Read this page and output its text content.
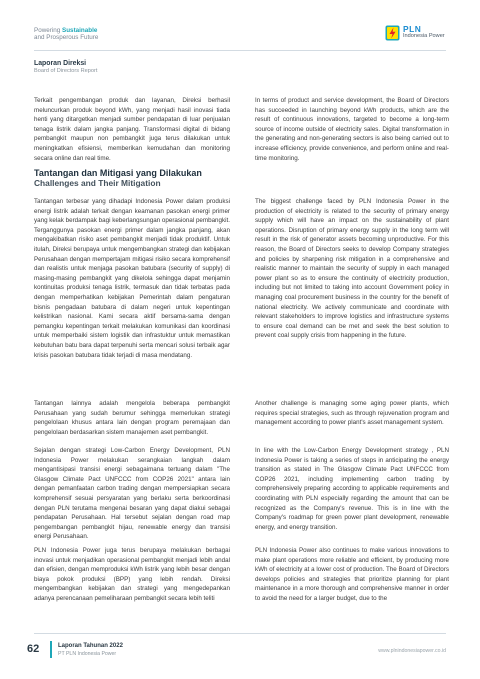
Powering Sustainable
and Prosperous Future
PLN
Indonesia Power
Laporan Direksi
Board of Directors Report
Terkait pengembangan produk dan layanan, Direksi berhasil meluncurkan produk beyond kWh, yang menjadi hasil inovasi tiada henti yang ditargetkan menjadi sumber pendapatan di luar penjualan tenaga listrik dalam jangka panjang. Transformasi digital di bidang pembangkit maupun non pembangkit juga terus dilakukan untuk meningkatkan efisiensi, memberikan kemudahan dan monitoring secara online dan real time.
In terms of product and service development, the Board of Directors has succeeded in launching beyond kWh products, which are the result of continuous innovations, targeted to become a long-term source of income outside of electricity sales. Digital transformation in the generating and non-generating sectors is also being carried out to increase efficiency, provide convenience, and perform online and real-time monitoring.
Tantangan dan Mitigasi yang Dilakukan
Challenges and Their Mitigation
Tantangan terbesar yang dihadapi Indonesia Power dalam produksi energi listrik adalah terkait dengan keamanan pasokan energi primer yang kelak berdampak bagi keberlangsungan operasional pembangkit. Terganggunya pasokan energi primer dalam jangka panjang, akan mengakibatkan risiko aset pembangkit menjadi tidak produktif. Untuk itulah, Direksi berupaya untuk mengembangkan strategi dan kebijakan Perusahaan dengan mempertajam mitigasi risiko secara komprehensif dan realistis untuk menjaga pasokan batubara (security of supply) di masing-masing pembangkit yang dikelola sehingga dapat menjamin kontinuitas produksi tenaga listrik, termasuk dan tidak terbatas pada dengan memperhatikan kebijakan Pemerintah dalam pengaturan bisnis pengadaan batubara di dalam negeri untuk kepentingan kelistrikan nasional. Kami secara aktif bersama-sama dengan pemangku kepentingan terkait melakukan komunikasi dan koordinasi untuk memperbaiki sistem logistik dan infrastuktur untuk memastikan kebutuhan batu bara dapat terpenuhi serta mencari solusi terbaik agar krisis pasokan batubara tidak terjadi di masa mendatang.
The biggest challenge faced by PLN Indonesia Power in the production of electricity is related to the security of primary energy supply which will have an impact on the sustainability of plant operations. Disruption of primary energy supply in the long term will result in the risk of generator assets becoming unproductive. For this reason, the Board of Directors seeks to develop Company strategies and policies by sharpening risk mitigation in a comprehensive and realistic manner to maintain the security of supply in each managed power plant so as to ensure the continuity of electricity production, including but not limited to taking into account Government policy in managing coal procurement business in the country for the benefit of national electricity. We actively communicate and coordinate with relevant stakeholders to improve logistics and infrastructure systems to ensure coal demand can be met and seek the best solution to prevent coal supply crisis from happening in the future.
Tantangan lainnya adalah mengelola beberapa pembangkit Perusahaan yang sudah berumur sehingga memerlukan strategi pengelolaan khusus antara lain dengan program peremajaan dan pengelolaan berdasarkan sistem manajemen aset pembangkit.
Another challenge is managing some aging power plants, which requires special strategies, such as through rejuvenation program and management according to power plant's asset management system.
Sejalan dengan strategi Low-Carbon Energy Development, PLN Indonesia Power melakukan serangkaian langkah dalam mengantisipasi transisi energi sebagaimana tertuang dalam "The Glasgow Climate Pact UNFCCC from COP26 2021" antara lain dengan pemanfaatan carbon trading dengan mempersiapkan secara komprehensif sesuai persyaratan yang berlaku serta berkoordinasi dengan PLN terutama mengenai besaran yang dapat diakui sebagai pendapatan Perusahaan. Hal tersebut sejalan dengan road map pengembangan pembangkit hijau, renewable energy dan transisi energi Perusahaan.
In line with the Low-Carbon Energy Development strategy , PLN Indonesia Power is taking a series of steps in anticipating the energy transition as stated in The Glasgow Climate Pact UNFCCC from COP26 2021, including implementing carbon trading by comprehensively preparing according to applicable requirements and coordinating with PLN especially regarding the amount that can be recognized as the Company's revenue. This is in line with the Company's roadmap for green power plant development, renewable energy, and energy transition.
PLN Indonesia Power juga terus berupaya melakukan berbagai inovasi untuk menjadikan operasional pembangkit menjadi lebih andal dan efisien, dengan memproduksi kWh listrik yang lebih besar dengan biaya pokok produksi (BPP) yang lebih rendah. Direksi mengembangkan kebijakan dan strategi yang mengedepankan adanya perencanaan pemeliharaan pembangkit secara lebih teliti
PLN Indonesia Power also continues to make various innovations to make plant operations more reliable and efficient, by producing more kWh of electricity at a lower cost of production. The Board of Directors develops policies and strategies that prioritize planning for plant maintenance in a more thorough and comprehensive manner in order to avoid the need for a larger budget, due to the
62	Laporan Tahunan 2022
PT PLN Indonesia Power	www.plnindonesiapower.co.id
